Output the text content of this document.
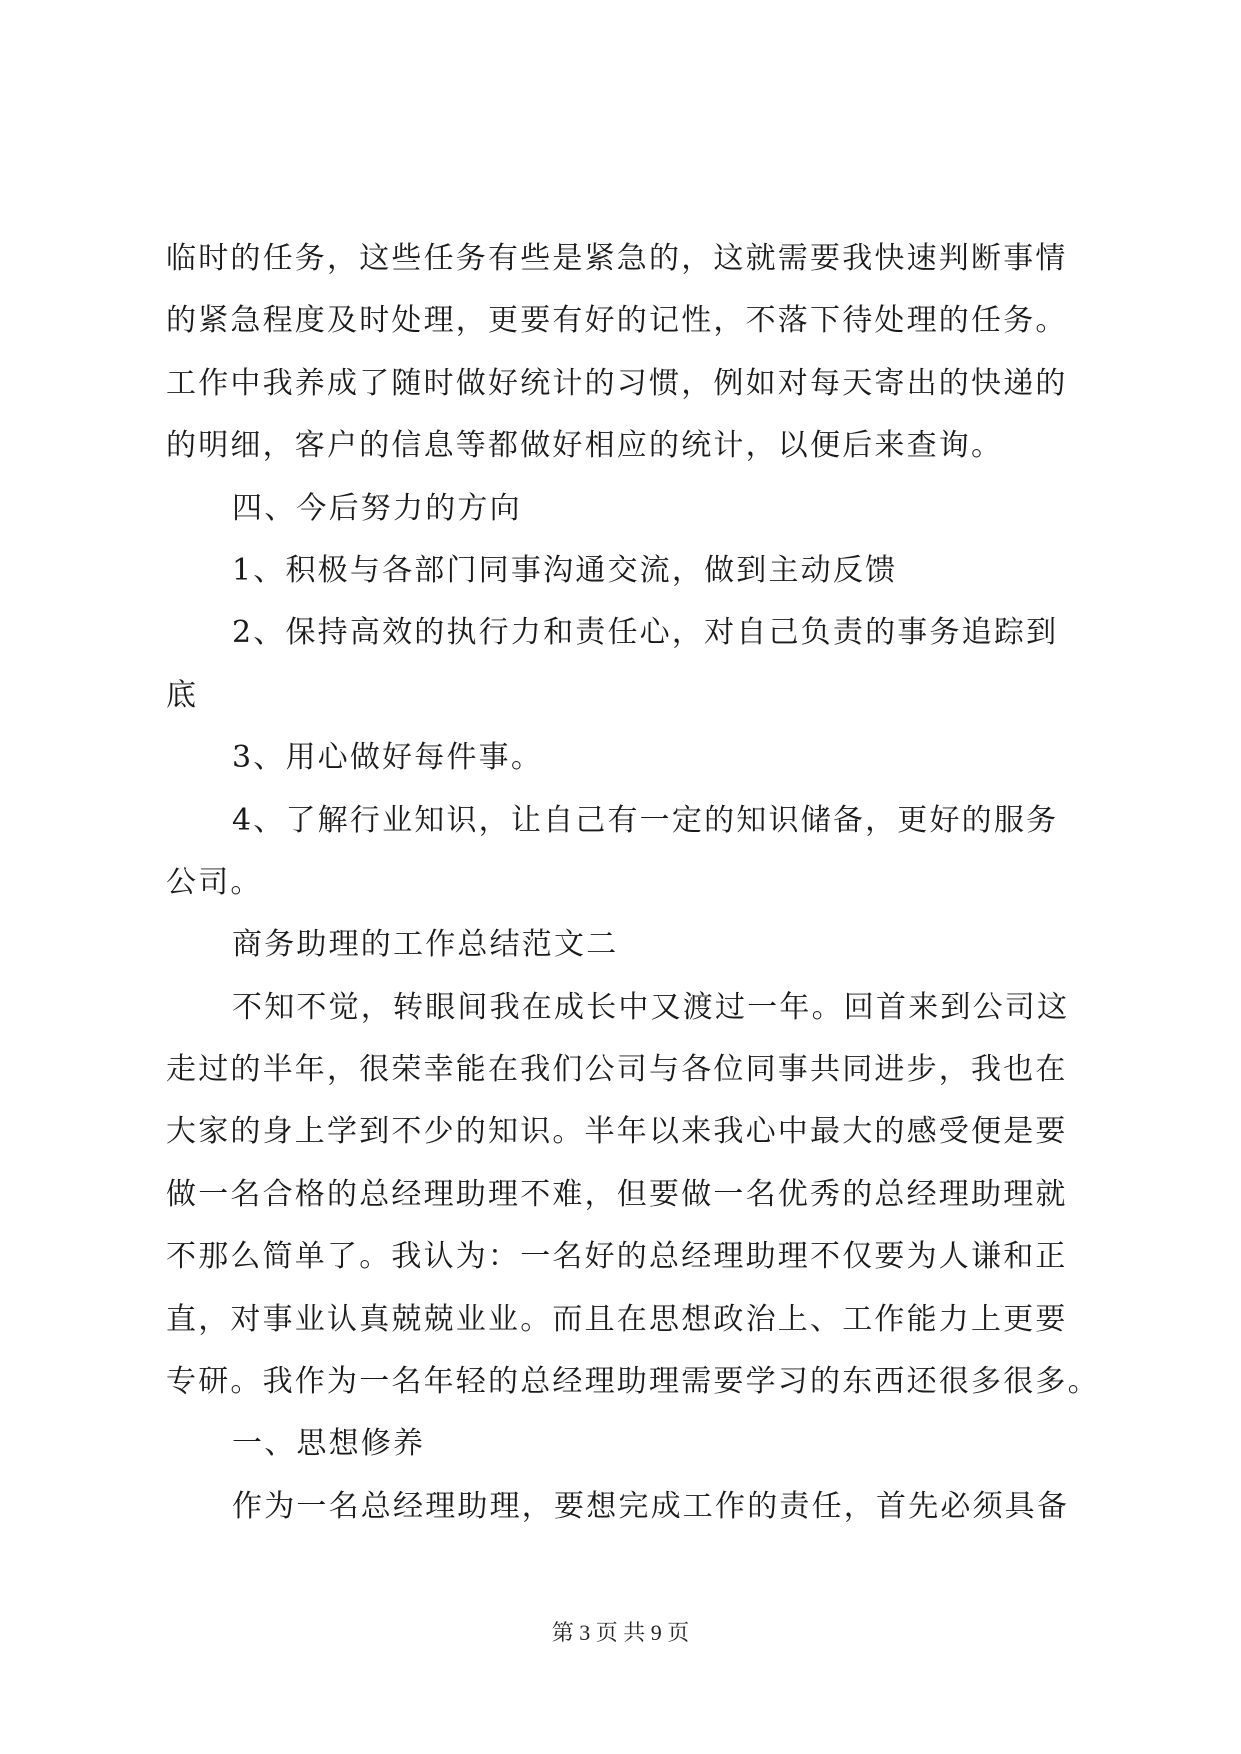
临时的任务，这些任务有些是紧急的，这就需要我快速判断事情
的紧急程度及时处理，更要有好的记性，不落下待处理的任务。
工作中我养成了随时做好统计的习惯，例如对每天寄出的快递的
的明细，客户的信息等都做好相应的统计，以便后来查询。
四、今后努力的方向
1、积极与各部门同事沟通交流，做到主动反馈
2、保持高效的执行力和责任心，对自己负责的事务追踪到
底
3、用心做好每件事。
4、了解行业知识，让自己有一定的知识储备，更好的服务
公司。
商务助理的工作总结范文二
不知不觉，转眼间我在成长中又渡过一年。回首来到公司这
走过的半年，很荣幸能在我们公司与各位同事共同进步，我也在
大家的身上学到不少的知识。半年以来我心中最大的感受便是要
做一名合格的总经理助理不难，但要做一名优秀的总经理助理就
不那么简单了。我认为：一名好的总经理助理不仅要为人谦和正
直，对事业认真兢兢业业。而且在思想政治上、工作能力上更要
专研。我作为一名年轻的总经理助理需要学习的东西还很多很多。
一、思想修养
作为一名总经理助理，要想完成工作的责任，首先必须具备
第 3 页 共 9 页
